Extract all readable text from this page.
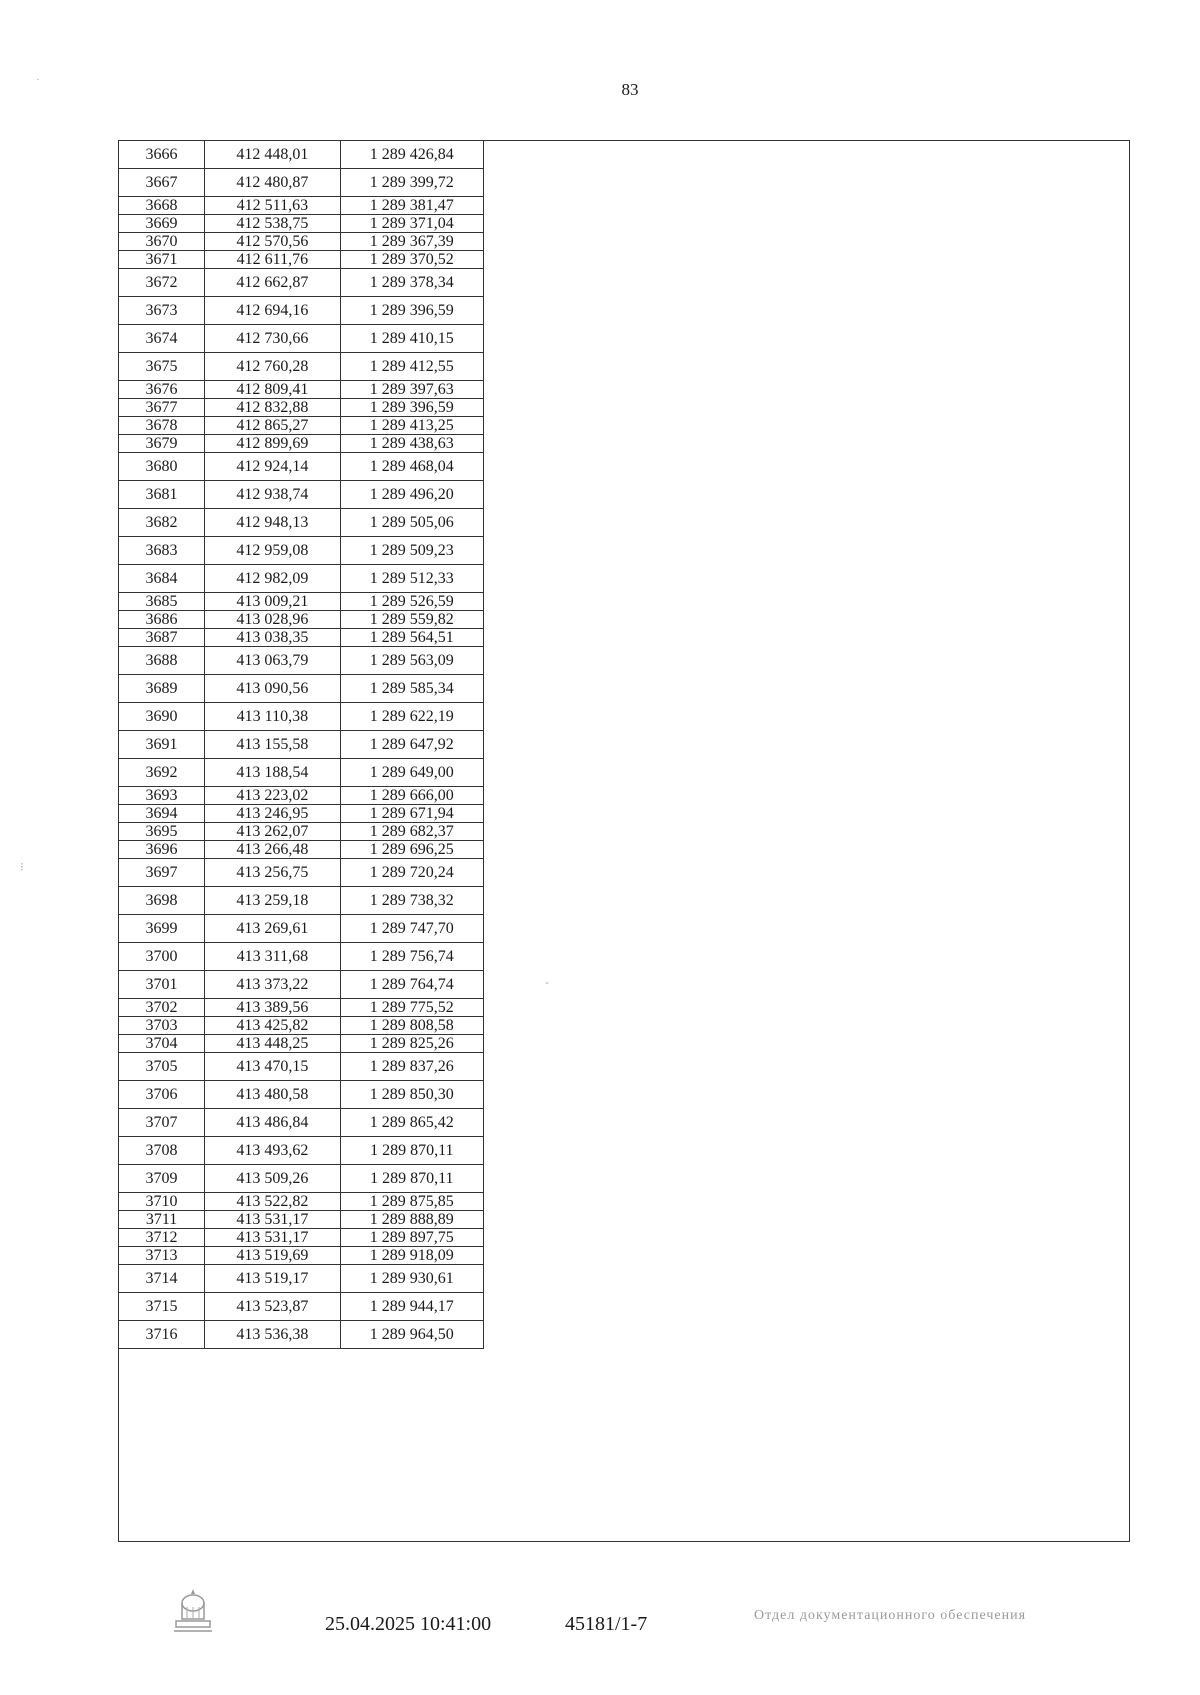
83
3666	412 448,01	1 289 426,84
3667	412 480,87	1 289 399,72
3668	412 511,63	1 289 381,47
3669	412 538,75	1 289 371,04
3670	412 570,56	1 289 367,39
3671	412 611,76	1 289 370,52
3672	412 662,87	1 289 378,34
3673	412 694,16	1 289 396,59
3674	412 730,66	1 289 410,15
3675	412 760,28	1 289 412,55
3676	412 809,41	1 289 397,63
3677	412 832,88	1 289 396,59
3678	412 865,27	1 289 413,25
3679	412 899,69	1 289 438,63
3680	412 924,14	1 289 468,04
3681	412 938,74	1 289 496,20
3682	412 948,13	1 289 505,06
3683	412 959,08	1 289 509,23
3684	412 982,09	1 289 512,33
3685	413 009,21	1 289 526,59
3686	413 028,96	1 289 559,82
3687	413 038,35	1 289 564,51
3688	413 063,79	1 289 563,09
3689	413 090,56	1 289 585,34
3690	413 110,38	1 289 622,19
3691	413 155,58	1 289 647,92
3692	413 188,54	1 289 649,00
3693	413 223,02	1 289 666,00
3694	413 246,95	1 289 671,94
3695	413 262,07	1 289 682,37
3696	413 266,48	1 289 696,25
3697	413 256,75	1 289 720,24
3698	413 259,18	1 289 738,32
3699	413 269,61	1 289 747,70
3700	413 311,68	1 289 756,74
3701	413 373,22	1 289 764,74
3702	413 389,56	1 289 775,52
3703	413 425,82	1 289 808,58
3704	413 448,25	1 289 825,26
3705	413 470,15	1 289 837,26
3706	413 480,58	1 289 850,30
3707	413 486,84	1 289 865,42
3708	413 493,62	1 289 870,11
3709	413 509,26	1 289 870,11
3710	413 522,82	1 289 875,85
3711	413 531,17	1 289 888,89
3712	413 531,17	1 289 897,75
3713	413 519,69	1 289 918,09
3714	413 519,17	1 289 930,61
3715	413 523,87	1 289 944,17
3716	413 536,38	1 289 964,50
25.04.2025 10:41:00	45181/1-7	Отдел документационного обеспечения
·
⁝
-
